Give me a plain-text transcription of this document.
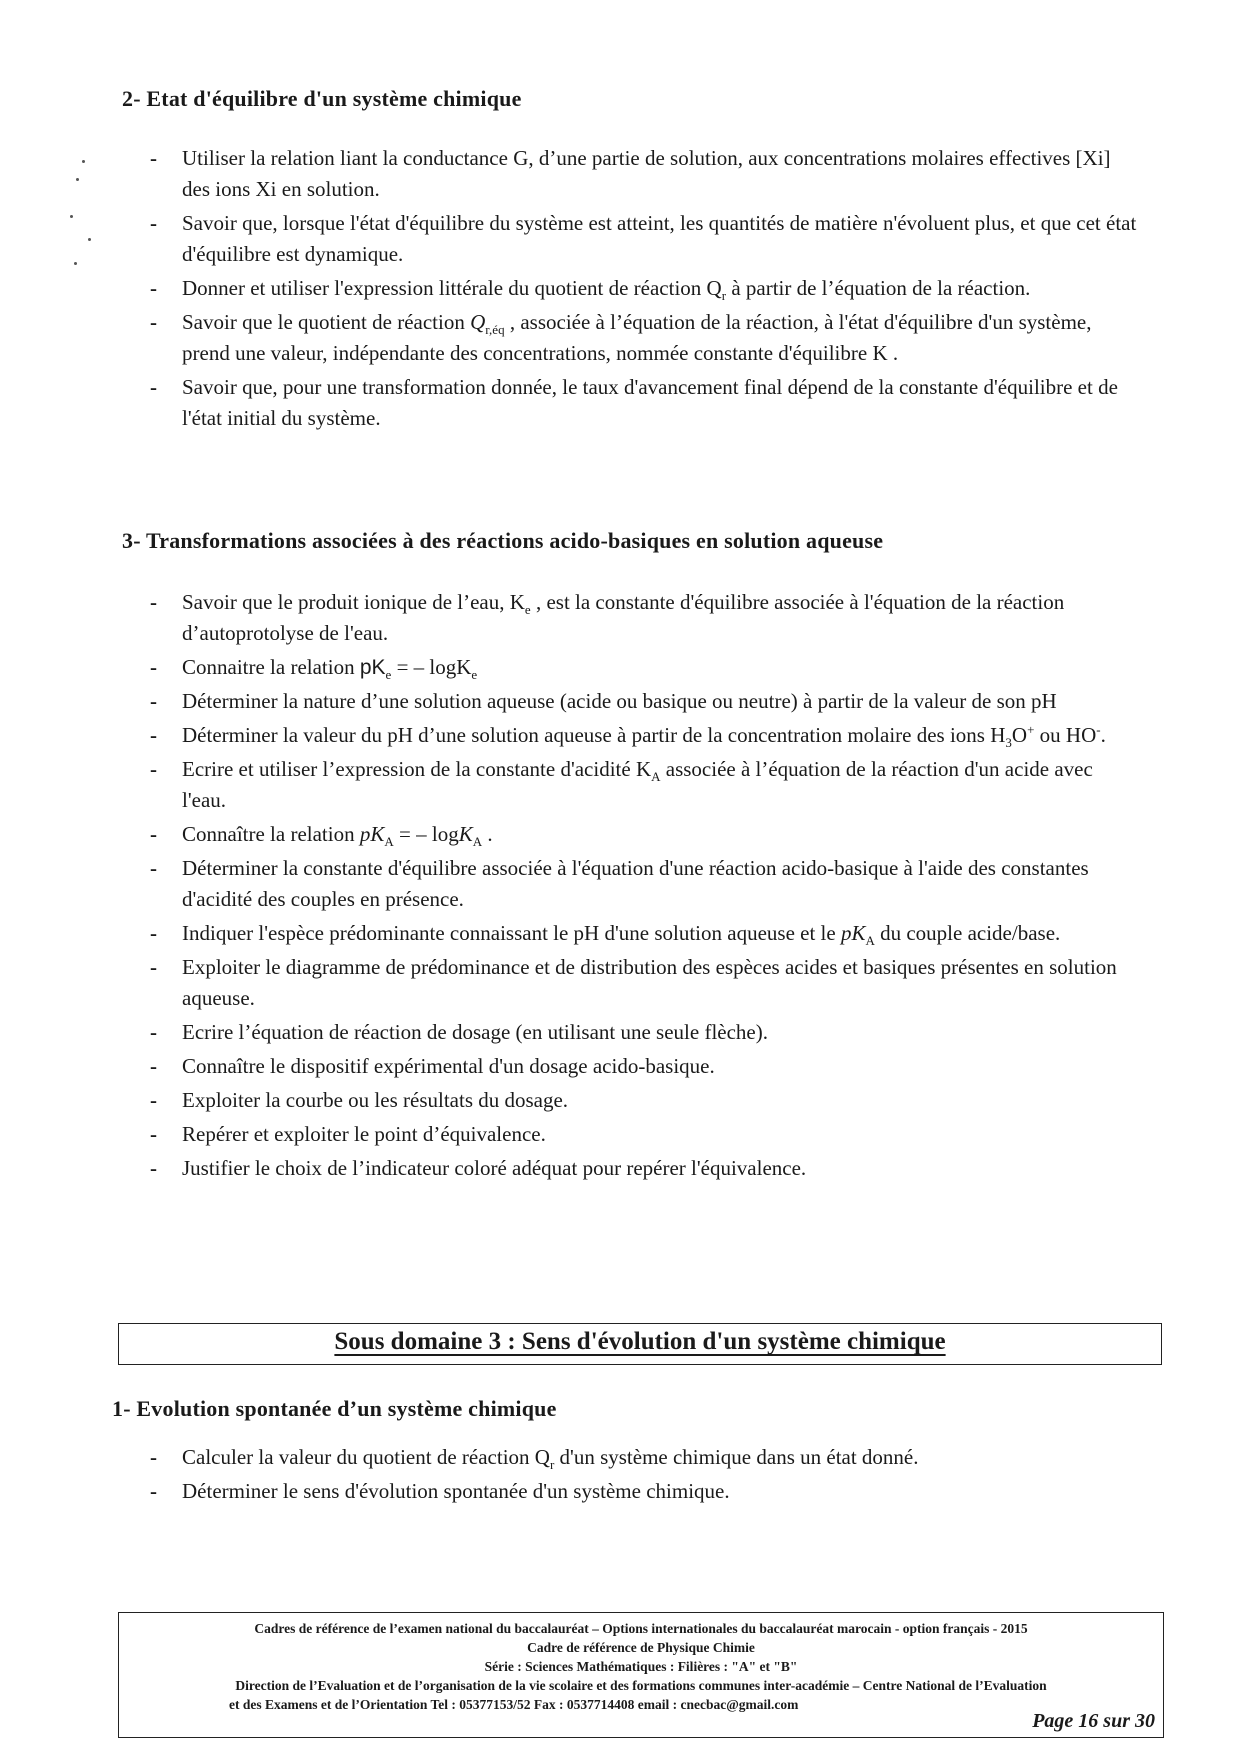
2- Etat d'équilibre d'un système chimique
- Utiliser la relation liant la conductance G, d’une partie de solution, aux concentrations molaires effectives [Xi] des ions Xi en solution.
- Savoir que, lorsque l'état d'équilibre du système est atteint, les quantités de matière n'évoluent plus, et que cet état d'équilibre est dynamique.
- Donner et utiliser l'expression littérale du quotient de réaction $Q_r$ à partir de l’équation de la réaction.
- Savoir que le quotient de réaction $Q_{r,éq}$ , associée à l’équation de la réaction, à l'état d'équilibre d'un système, prend une valeur, indépendante des concentrations, nommée constante d'équilibre K .
- Savoir que, pour une transformation donnée, le taux d'avancement final dépend de la constante d'équilibre et de l'état initial du système.
3- Transformations associées à des réactions acido-basiques en solution aqueuse
- Savoir que le produit ionique de l’eau, $K_e$ , est la constante d'équilibre associée à l'équation de la réaction d’autoprotolyse de l'eau.
- Connaitre la relation $pK_e$ = – logK$_e$
- Déterminer la nature d’une solution aqueuse (acide ou basique ou neutre) à partir de la valeur de son pH
- Déterminer la valeur du pH d’une solution aqueuse à partir de la concentration molaire des ions $H_3O^+$ ou HO-.
- Ecrire et utiliser l’expression de la constante d'acidité $K_A$ associée à l’équation de la réaction d'un acide avec l'eau.
- Connaître la relation $pK_A$ = – logK$_A$ .
- Déterminer la constante d'équilibre associée à l'équation d'une réaction acido-basique à l'aide des constantes d'acidité des couples en présence.
- Indiquer l'espèce prédominante connaissant le pH d'une solution aqueuse et le $pK_A$ du couple acide/base.
- Exploiter le diagramme de prédominance et de distribution des espèces acides et basiques présentes en solution aqueuse.
- Ecrire l’équation de réaction de dosage (en utilisant une seule flèche).
- Connaître le dispositif expérimental d'un dosage acido-basique.
- Exploiter la courbe ou les résultats du dosage.
- Repérer et exploiter le point d’équivalence.
- Justifier le choix de l’indicateur coloré adéquat pour repérer l'équivalence.
Sous domaine 3 : Sens d'évolution d'un système chimique
1- Evolution spontanée d’un système chimique
- Calculer la valeur du quotient de réaction $Q_r$ d'un système chimique dans un état donné.
- Déterminer le sens d'évolution spontanée d'un système chimique.
Cadres de référence de l’examen national du baccalauréat – Options internationales du baccalauréat marocain - option français - 2015
Cadre de référence de Physique Chimie
Série : Sciences Mathématiques : Filières : "A" et "B"
Direction de l’Evaluation et de l’organisation de la vie scolaire et des formations communes inter-académie – Centre National de l’Evaluation
et des Examens et de l’Orientation Tel : 05377153/52 Fax : 0537714408 email : cnecbac@gmail.com
Page 16 sur 30
